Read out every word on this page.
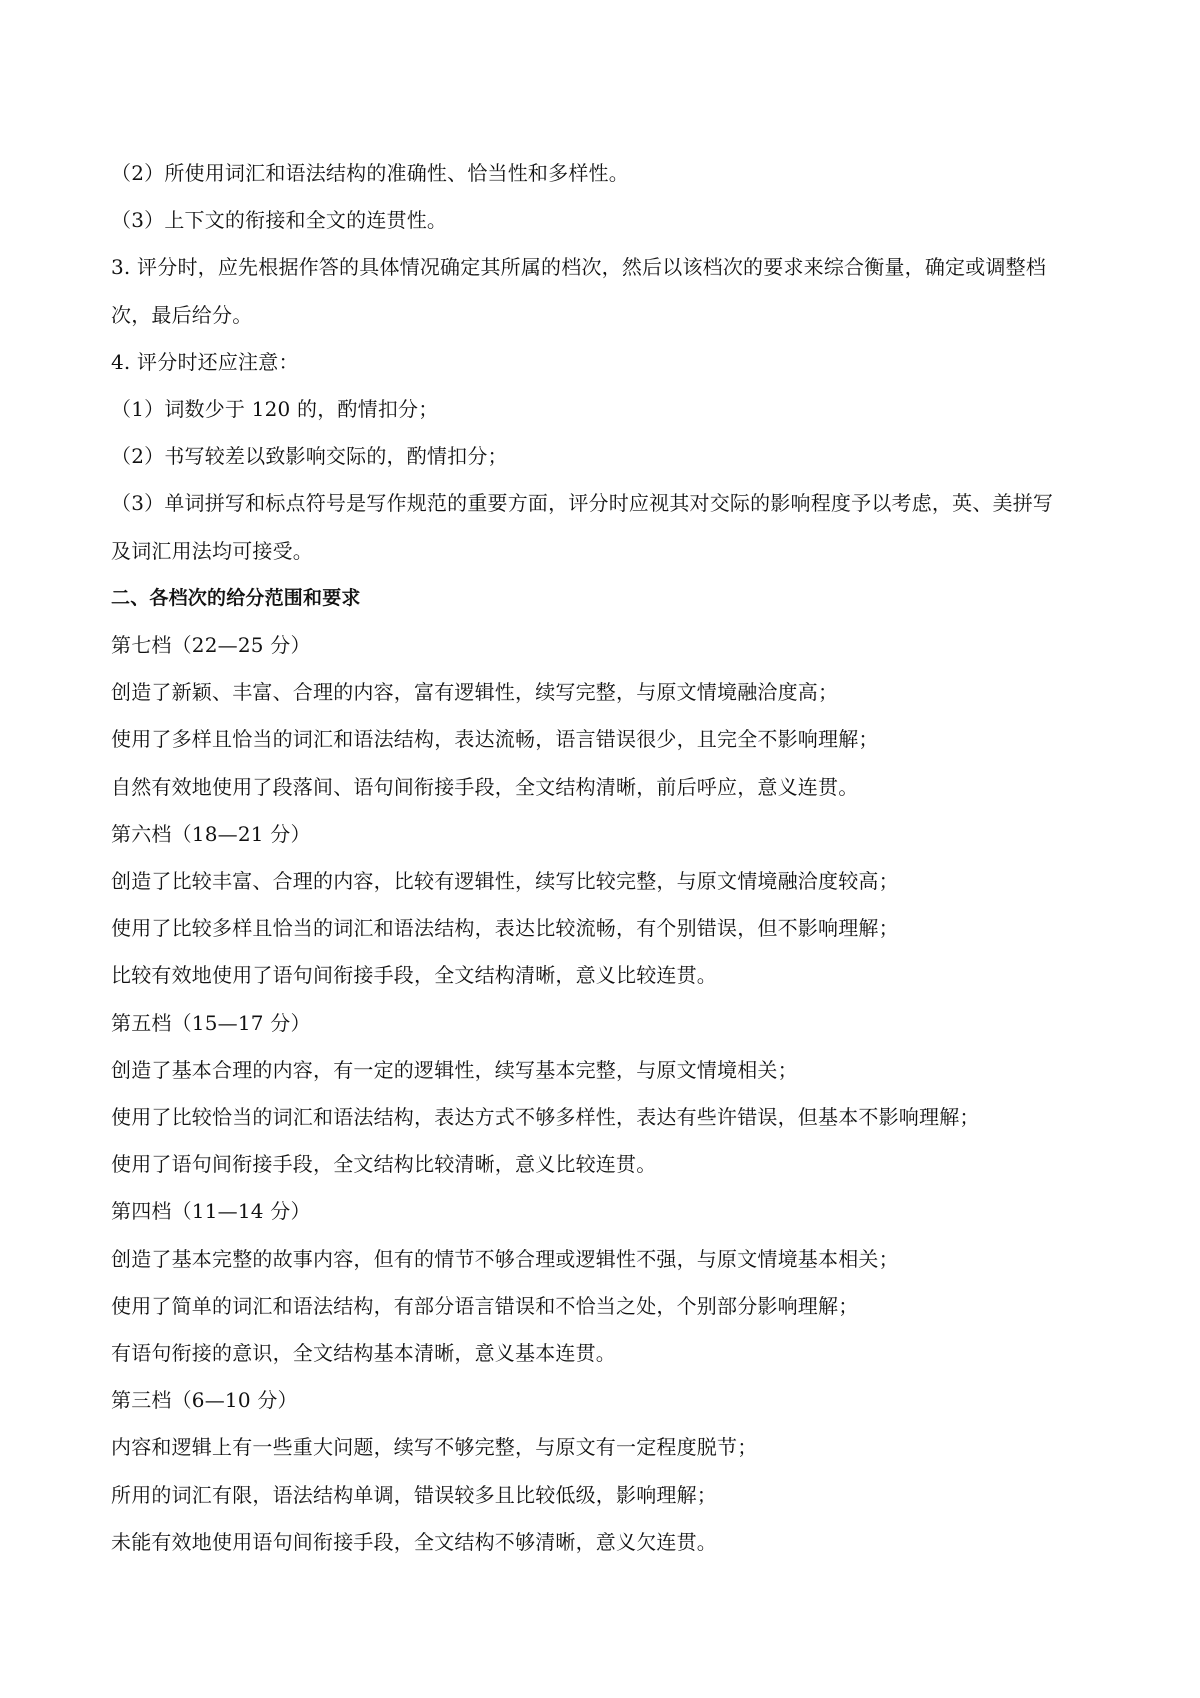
（2）所使用词汇和语法结构的准确性、恰当性和多样性。
（3）上下文的衔接和全文的连贯性。
3. 评分时，应先根据作答的具体情况确定其所属的档次，然后以该档次的要求来综合衡量，确定或调整档
次，最后给分。
4. 评分时还应注意：
（1）词数少于 120 的，酌情扣分；
（2）书写较差以致影响交际的，酌情扣分；
（3）单词拼写和标点符号是写作规范的重要方面，评分时应视其对交际的影响程度予以考虑，英、美拼写
及词汇用法均可接受。
二、各档次的给分范围和要求
第七档（22—25 分）
创造了新颖、丰富、合理的内容，富有逻辑性，续写完整，与原文情境融洽度高；
使用了多样且恰当的词汇和语法结构，表达流畅，语言错误很少，且完全不影响理解；
自然有效地使用了段落间、语句间衔接手段，全文结构清晰，前后呼应，意义连贯。
第六档（18—21 分）
创造了比较丰富、合理的内容，比较有逻辑性，续写比较完整，与原文情境融洽度较高；
使用了比较多样且恰当的词汇和语法结构，表达比较流畅，有个别错误，但不影响理解；
比较有效地使用了语句间衔接手段，全文结构清晰，意义比较连贯。
第五档（15—17 分）
创造了基本合理的内容，有一定的逻辑性，续写基本完整，与原文情境相关；
使用了比较恰当的词汇和语法结构，表达方式不够多样性，表达有些许错误，但基本不影响理解；
使用了语句间衔接手段，全文结构比较清晰，意义比较连贯。
第四档（11—14 分）
创造了基本完整的故事内容，但有的情节不够合理或逻辑性不强，与原文情境基本相关；
使用了简单的词汇和语法结构，有部分语言错误和不恰当之处，个别部分影响理解；
有语句衔接的意识，全文结构基本清晰，意义基本连贯。
第三档（6—10 分）
内容和逻辑上有一些重大问题，续写不够完整，与原文有一定程度脱节；
所用的词汇有限，语法结构单调，错误较多且比较低级，影响理解；
未能有效地使用语句间衔接手段，全文结构不够清晰，意义欠连贯。
